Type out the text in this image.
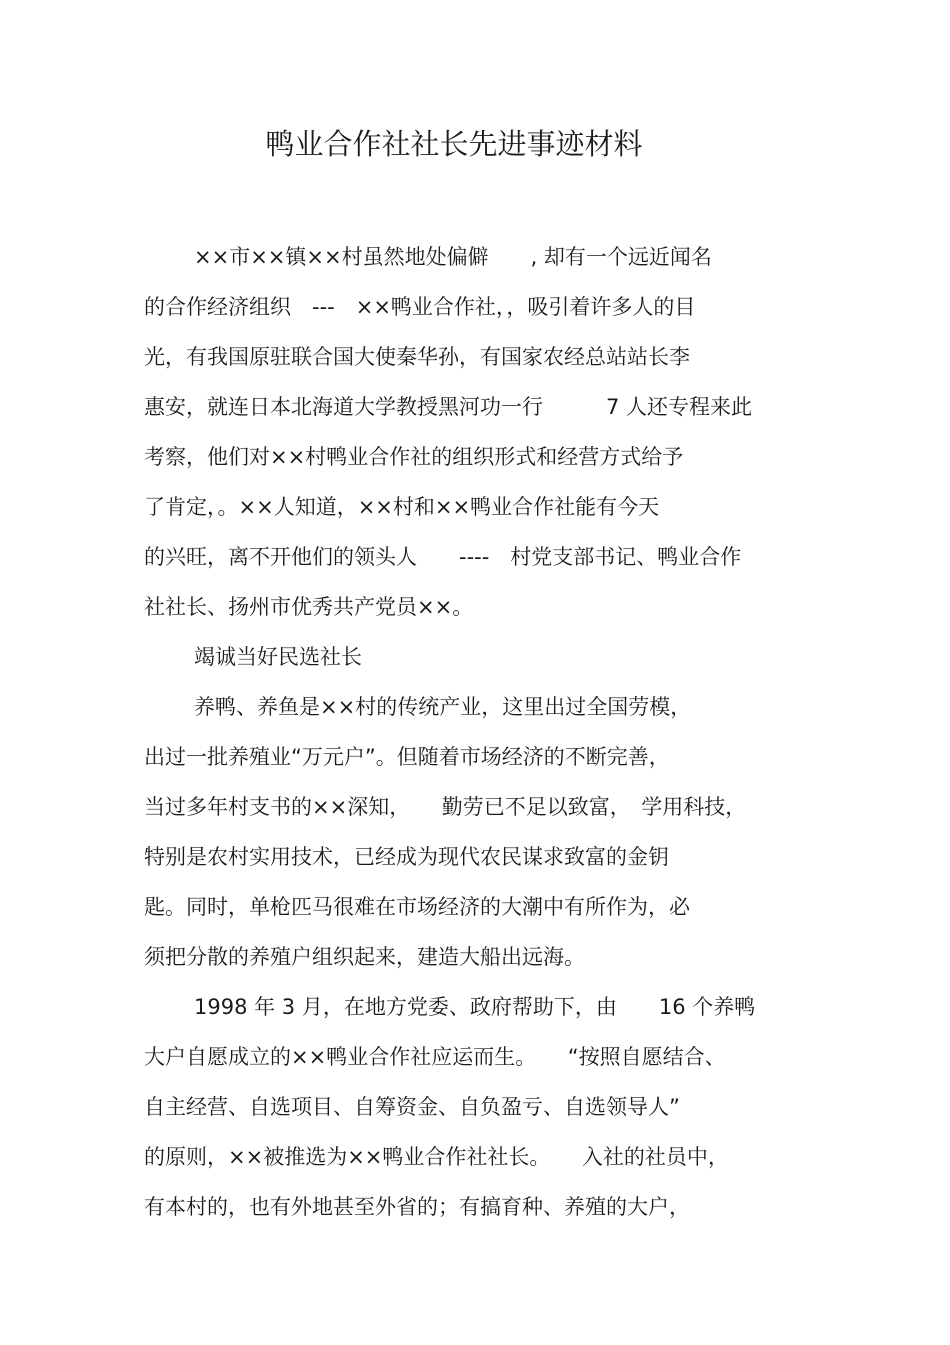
鸭业合作社社长先进事迹材料
××市××镇××村虽然地处偏僻　　, 却有一个远近闻名
的合作经济组织　---　××鸭业合作社，，吸引着许多人的目
光，有我国原驻联合国大使秦华孙，有国家农经总站站长李
惠安，就连日本北海道大学教授黑河功一行　　　7 人还专程来此
考察，他们对××村鸭业合作社的组织形式和经营方式给予
了肯定，。××人知道，××村和××鸭业合作社能有今天
的兴旺，离不开他们的领头人　　----　村党支部书记、鸭业合作
社社长、扬州市优秀共产党员××。
竭诚当好民选社长
养鸭、养鱼是××村的传统产业，这里出过全国劳模，
出过一批养殖业“万元户”。但随着市场经济的不断完善，
当过多年村支书的××深知，　　勤劳已不足以致富，　学用科技，
特别是农村实用技术，已经成为现代农民谋求致富的金钥
匙。同时，单枪匹马很难在市场经济的大潮中有所作为，必
须把分散的养殖户组织起来，建造大船出远海。
1998 年 3 月，在地方党委、政府帮助下，由　　16 个养鸭
大户自愿成立的××鸭业合作社应运而生。　　“按照自愿结合、
自主经营、自选项目、自筹资金、自负盈亏、自选领导人”
的原则，××被推选为××鸭业合作社社长。　　入社的社员中，
有本村的，也有外地甚至外省的；有搞育种、养殖的大户，
